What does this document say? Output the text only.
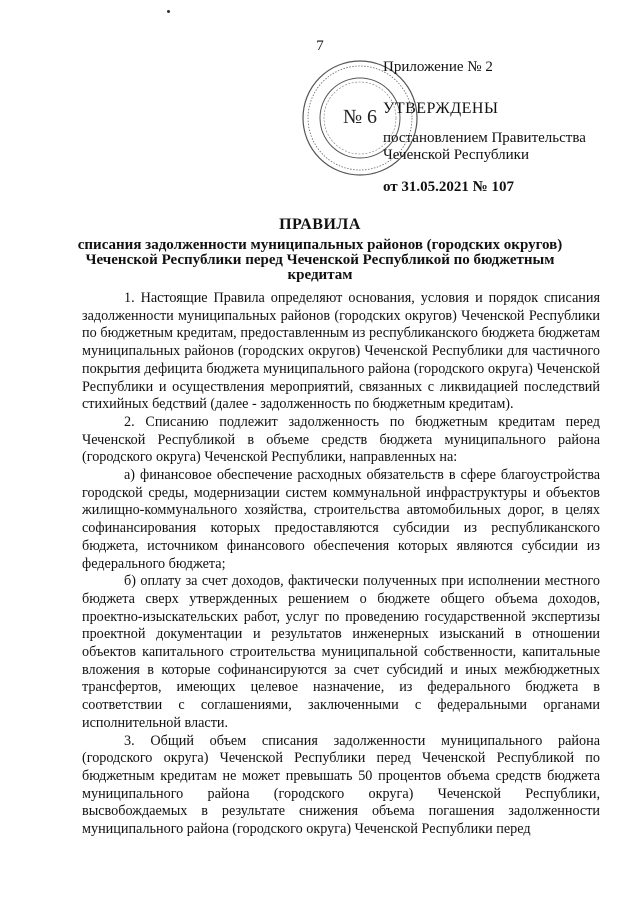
7
№ 6
Приложение № 2
УТВЕРЖДЕНЫ
постановлением Правительства Чеченской Республики
от 31.05.2021 № 107
ПРАВИЛА
списания задолженности муниципальных районов (городских округов) Чеченской Республики перед Чеченской Республикой по бюджетным кредитам

1. Настоящие Правила определяют основания, условия и порядок списания задолженности муниципальных районов (городских округов) Чеченской Республики по бюджетным кредитам, предоставленным из республиканского бюджета бюджетам муниципальных районов (городских округов) Чеченской Республики для частичного покрытия дефицита бюджета муниципального района (городского округа) Чеченской Республики и осуществления мероприятий, связанных с ликвидацией последствий стихийных бедствий (далее - задолженность по бюджетным кредитам).

2. Списанию подлежит задолженность по бюджетным кредитам перед Чеченской Республикой в объеме средств бюджета муниципального района (городского округа) Чеченской Республики, направленных на:

а) финансовое обеспечение расходных обязательств в сфере благоустройства городской среды, модернизации систем коммунальной инфраструктуры и объектов жилищно-коммунального хозяйства, строительства автомобильных дорог, в целях софинансирования которых предоставляются субсидии из республиканского бюджета, источником финансового обеспечения которых являются субсидии из федерального бюджета;

б) оплату за счет доходов, фактически полученных при исполнении местного бюджета сверх утвержденных решением о бюджете общего объема доходов, проектно-изыскательских работ, услуг по проведению государственной экспертизы проектной документации и результатов инженерных изысканий в отношении объектов капитального строительства муниципальной собственности, капитальные вложения в которые софинансируются за счет субсидий и иных межбюджетных трансфертов, имеющих целевое назначение, из федерального бюджета в соответствии с соглашениями, заключенными с федеральными органами исполнительной власти.

3. Общий объем списания задолженности муниципального района (городского округа) Чеченской Республики перед Чеченской Республикой по бюджетным кредитам не может превышать 50 процентов объема средств бюджета муниципального района (городского округа) Чеченской Республики, высвобождаемых в результате снижения объема погашения задолженности муниципального района (городского округа) Чеченской Республики перед
